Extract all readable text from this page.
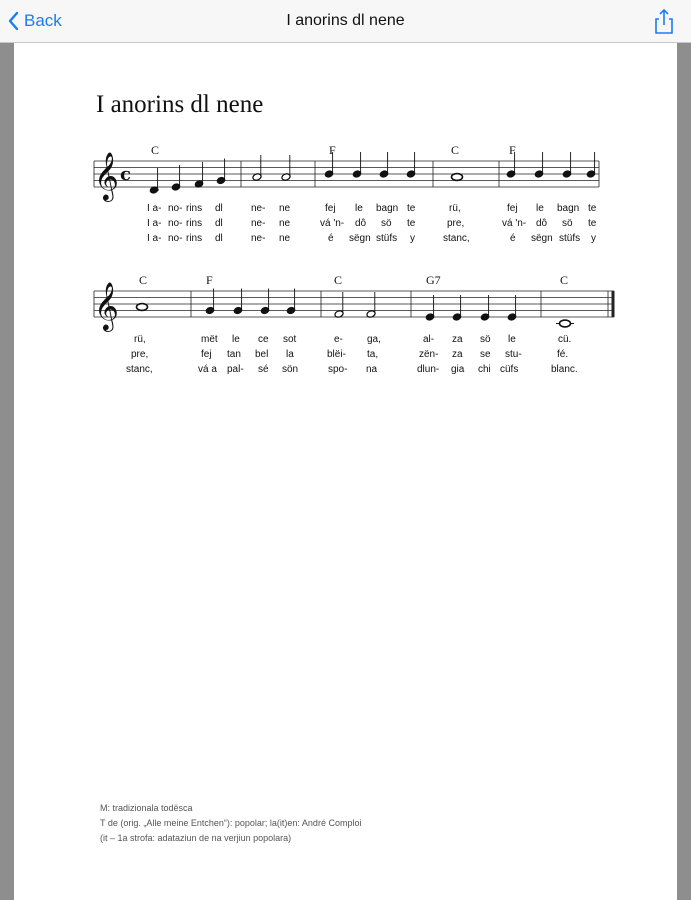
Back	I anorins dl nene
I anorins dl nene
𝄞 c
𝄞
C	F	C	F
C	F	C	G7	C
I a- no- rins dl	ne- ne	fej le bagn te	rü,	fej le bagn te
I a- no- rins dl	ne- ne	vá 'n- dô sö te	pre,	vá 'n- dô sö te
I a- no- rins dl	ne- ne	é sëgn stüfs y	stanc,	é sëgn stüfs y
rü,	mët le ce sot	e- ga,	al- za sö le	cü.
pre,	fej tan bel la	blëi- ta,	zën- za se stu-	fé.
stanc,	vá a pal- sé sön	spo- na	dlun- gia chi cüfs	blanc.
M: tradizionala todësca
T de (orig. „Alle meine Entchen“): popolar; la(it)en: André Comploi
(it – 1a strofa: adataziun de na verjiun popolara)
